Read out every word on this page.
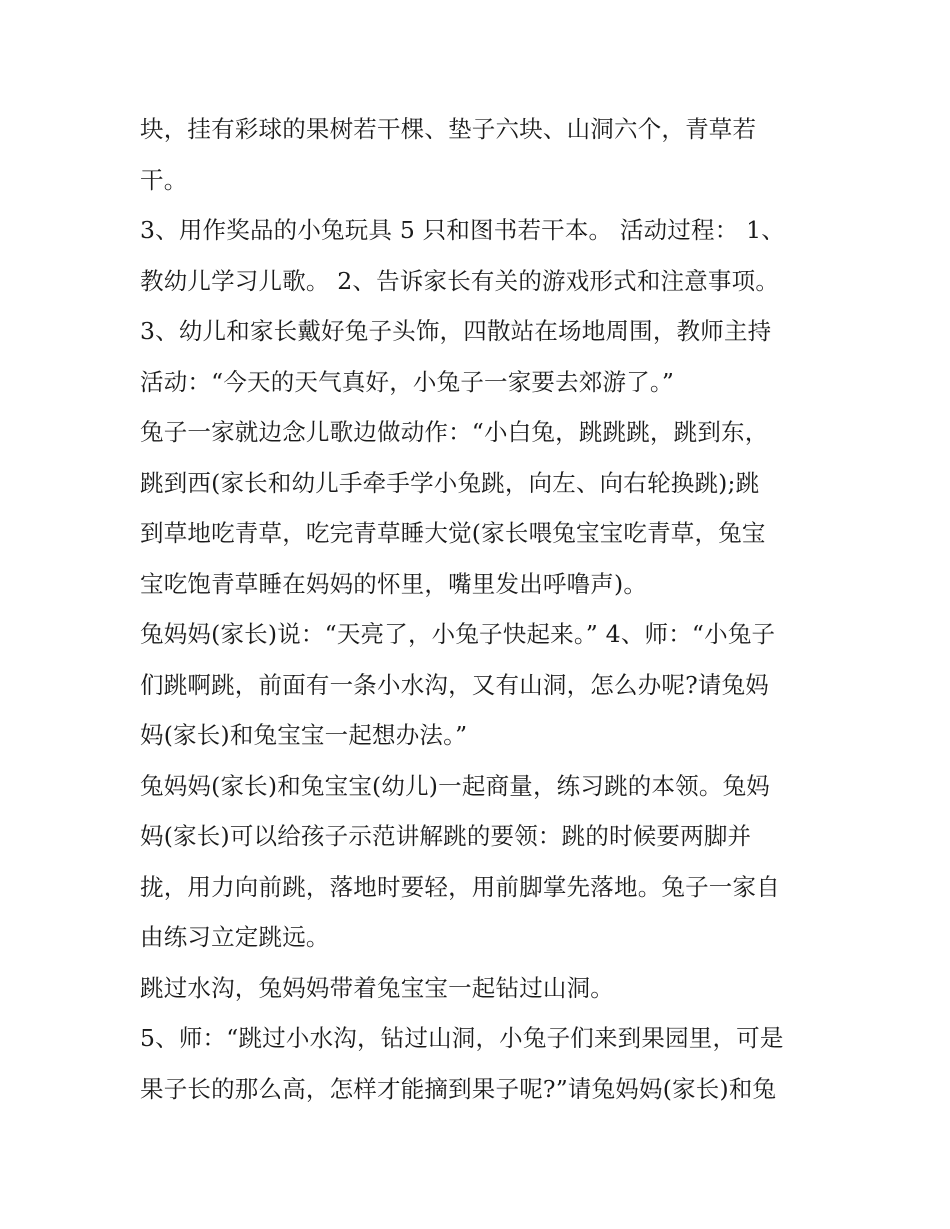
块，挂有彩球的果树若干棵、垫子六块、山洞六个，青草若
干。
3、用作奖品的小兔玩具 5 只和图书若干本。 活动过程： 1、
教幼儿学习儿歌。 2、告诉家长有关的游戏形式和注意事项。
3、幼儿和家长戴好兔子头饰，四散站在场地周围，教师主持
活动：“今天的天气真好，小兔子一家要去郊游了。”
兔子一家就边念儿歌边做动作：“小白兔，跳跳跳，跳到东，
跳到西(家长和幼儿手牵手学小兔跳，向左、向右轮换跳);跳
到草地吃青草，吃完青草睡大觉(家长喂兔宝宝吃青草，兔宝
宝吃饱青草睡在妈妈的怀里，嘴里发出呼噜声)。
兔妈妈(家长)说：“天亮了，小兔子快起来。” 4、师：“小兔子
们跳啊跳，前面有一条小水沟，又有山洞，怎么办呢?请兔妈
妈(家长)和兔宝宝一起想办法。”
兔妈妈(家长)和兔宝宝(幼儿)一起商量，练习跳的本领。兔妈
妈(家长)可以给孩子示范讲解跳的要领：跳的时候要两脚并
拢，用力向前跳，落地时要轻，用前脚掌先落地。兔子一家自
由练习立定跳远。
跳过水沟，兔妈妈带着兔宝宝一起钻过山洞。
5、师：“跳过小水沟，钻过山洞，小兔子们来到果园里，可是
果子长的那么高，怎样才能摘到果子呢?”请兔妈妈(家长)和兔
